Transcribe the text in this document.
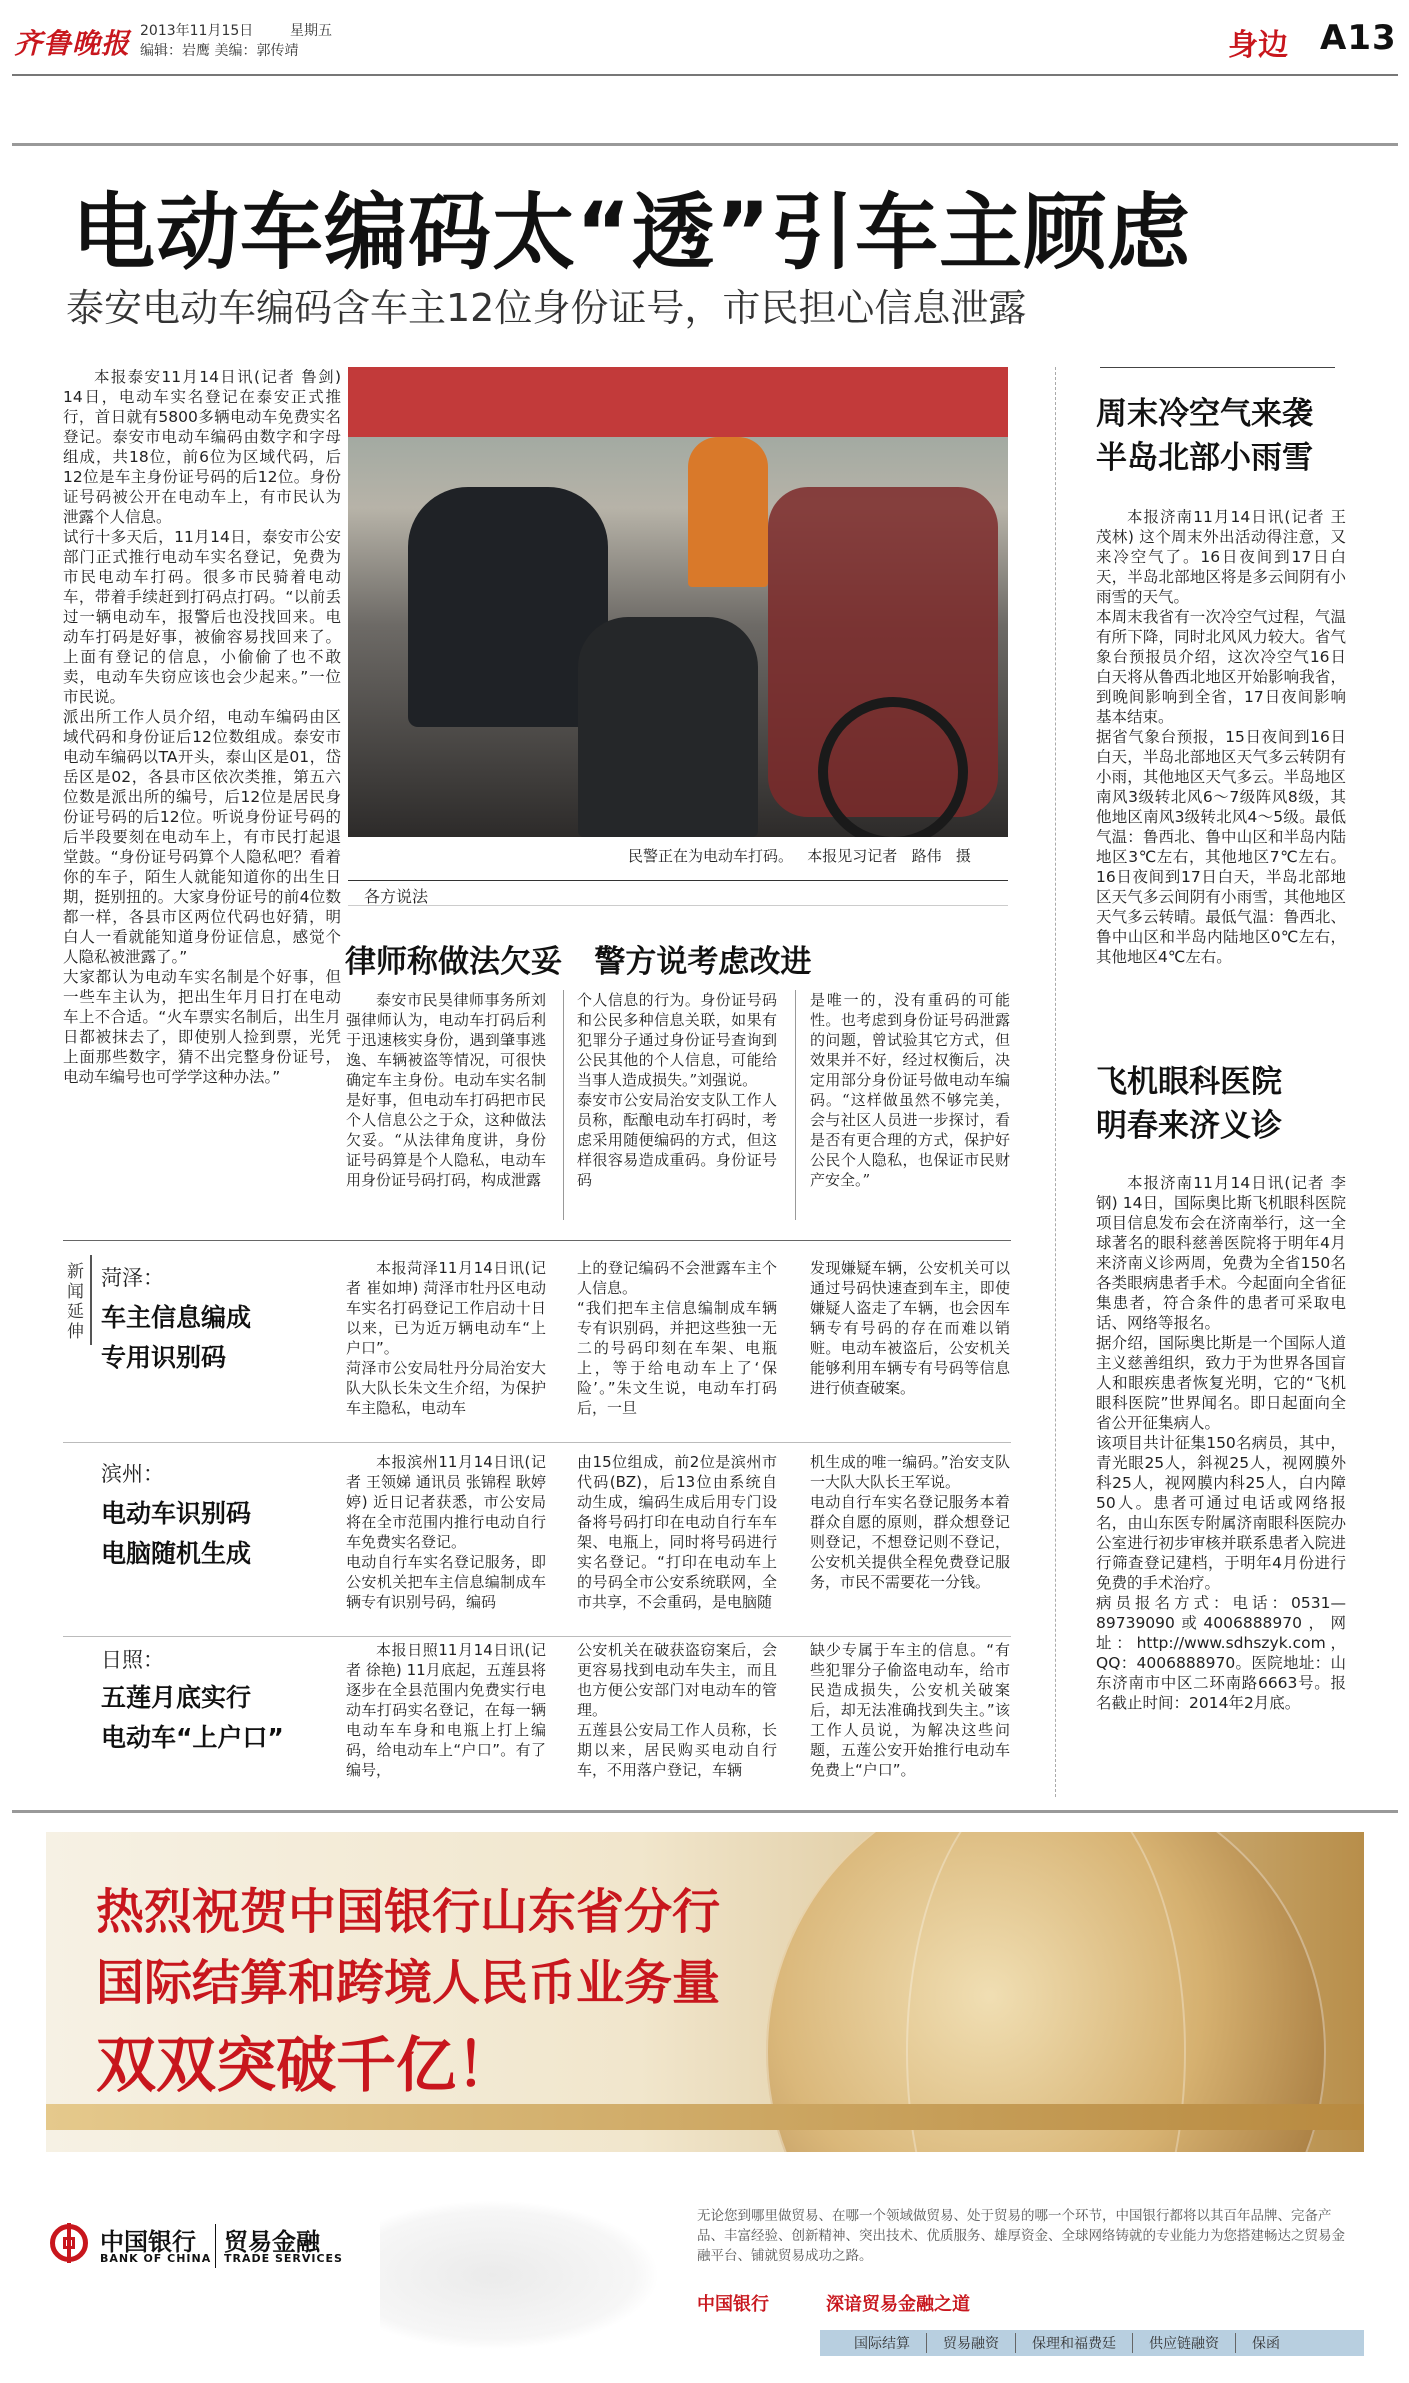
齐鲁晚报 2013年11月15日	星期五
编辑：岩鹰 美编：郭传靖	身边 A13
电动车编码太“透”引车主顾虑
泰安电动车编码含车主12位身份证号，市民担心信息泄露
本报泰安11月14日讯(记者 鲁剑) 14日，电动车实名登记在泰安正式推行，首日就有5800多辆电动车免费实名登记。泰安市电动车编码由数字和字母组成，共18位，前6位为区域代码，后12位是车主身份证号码的后12位。身份证号码被公开在电动车上，有市民认为泄露个人信息。
试行十多天后，11月14日，泰安市公安部门正式推行电动车实名登记，免费为市民电动车打码。很多市民骑着电动车，带着手续赶到打码点打码。“以前丢过一辆电动车，报警后也没找回来。电动车打码是好事，被偷容易找回来了。上面有登记的信息，小偷偷了也不敢卖，电动车失窃应该也会少起来。”一位市民说。
派出所工作人员介绍，电动车编码由区域代码和身份证后12位数组成。泰安市电动车编码以TA开头，泰山区是01，岱岳区是02，各县市区依次类推，第五六位数是派出所的编号，后12位是居民身份证号码的后12位。听说身份证号码的后半段要刻在电动车上，有市民打起退堂鼓。“身份证号码算个人隐私吧？看着你的车子，陌生人就能知道你的出生日期，挺别扭的。大家身份证号的前4位数都一样，各县市区两位代码也好猜，明白人一看就能知道身份证信息，感觉个人隐私被泄露了。”
大家都认为电动车实名制是个好事，但一些车主认为，把出生年月日打在电动车上不合适。“火车票实名制后，出生月日都被抹去了，即使别人捡到票，光凭上面那些数字，猜不出完整身份证号，电动车编号也可学学这种办法。”
民警正在为电动车打码。   本报见习记者   路伟   摄
各方说法
律师称做法欠妥   警方说考虑改进
泰安市民昊律师事务所刘强律师认为，电动车打码后利于迅速核实身份，遇到肇事逃逸、车辆被盗等情况，可很快确定车主身份。电动车实名制是好事，但电动车打码把市民个人信息公之于众，这种做法欠妥。“从法律角度讲，身份证号码算是个人隐私，电动车用身份证号码打码，构成泄露
个人信息的行为。身份证号码和公民多种信息关联，如果有犯罪分子通过身份证号查询到公民其他的个人信息，可能给当事人造成损失。”刘强说。
泰安市公安局治安支队工作人员称，酝酿电动车打码时，考虑采用随便编码的方式，但这样很容易造成重码。身份证号码
是唯一的，没有重码的可能性。也考虑到身份证号码泄露的问题，曾试验其它方式，但效果并不好，经过权衡后，决定用部分身份证号做电动车编码。“这样做虽然不够完美，会与社区人员进一步探讨，看是否有更合理的方式，保护好公民个人隐私，也保证市民财产安全。”
新闻延伸
菏泽：
车主信息编成
专用识别码
本报菏泽11月14日讯(记者 崔如坤) 菏泽市牡丹区电动车实名打码登记工作启动十日以来，已为近万辆电动车“上户口”。
菏泽市公安局牡丹分局治安大队大队长朱文生介绍，为保护车主隐私，电动车
上的登记编码不会泄露车主个人信息。
“我们把车主信息编制成车辆专有识别码，并把这些独一无二的号码印刻在车架、电瓶上，等于给电动车上了‘保险’。”朱文生说，电动车打码后，一旦
发现嫌疑车辆，公安机关可以通过号码快速查到车主，即使嫌疑人盗走了车辆，也会因车辆专有号码的存在而难以销赃。电动车被盗后，公安机关能够利用车辆专有号码等信息进行侦查破案。
滨州：
电动车识别码
电脑随机生成
本报滨州11月14日讯(记者 王领娣 通讯员 张锦程 耿婷婷) 近日记者获悉，市公安局将在全市范围内推行电动自行车免费实名登记。
电动自行车实名登记服务，即公安机关把车主信息编制成车辆专有识别号码，编码
由15位组成，前2位是滨州市代码(BZ)，后13位由系统自动生成，编码生成后用专门设备将号码打印在电动自行车车架、电瓶上，同时将号码进行实名登记。“打印在电动车上的号码全市公安系统联网，全市共享，不会重码，是电脑随
机生成的唯一编码。”治安支队一大队大队长王军说。
电动自行车实名登记服务本着群众自愿的原则，群众想登记则登记，不想登记则不登记，公安机关提供全程免费登记服务，市民不需要花一分钱。
日照：
五莲月底实行
电动车“上户口”
本报日照11月14日讯(记者 徐艳) 11月底起，五莲县将逐步在全县范围内免费实行电动车打码实名登记，在每一辆电动车车身和电瓶上打上编码，给电动车上“户口”。有了编号，
公安机关在破获盗窃案后，会更容易找到电动车失主，而且也方便公安部门对电动车的管理。
五莲县公安局工作人员称，长期以来，居民购买电动自行车，不用落户登记，车辆
缺少专属于车主的信息。“有些犯罪分子偷盗电动车，给市民造成损失，公安机关破案后，却无法准确找到失主。”该工作人员说，为解决这些问题，五莲公安开始推行电动车免费上“户口”。
周末冷空气来袭
半岛北部小雨雪
本报济南11月14日讯(记者 王茂林) 这个周末外出活动得注意，又来冷空气了。16日夜间到17日白天，半岛北部地区将是多云间阴有小雨雪的天气。
本周末我省有一次冷空气过程，气温有所下降，同时北风风力较大。省气象台预报员介绍，这次冷空气16日白天将从鲁西北地区开始影响我省，到晚间影响到全省，17日夜间影响基本结束。
据省气象台预报，15日夜间到16日白天，半岛北部地区天气多云转阴有小雨，其他地区天气多云。半岛地区南风3级转北风6～7级阵风8级，其他地区南风3级转北风4～5级。最低气温：鲁西北、鲁中山区和半岛内陆地区3℃左右，其他地区7℃左右。16日夜间到17日白天，半岛北部地区天气多云间阴有小雨雪，其他地区天气多云转晴。最低气温：鲁西北、鲁中山区和半岛内陆地区0℃左右，其他地区4℃左右。
飞机眼科医院
明春来济义诊
本报济南11月14日讯(记者 李钢) 14日，国际奥比斯飞机眼科医院项目信息发布会在济南举行，这一全球著名的眼科慈善医院将于明年4月来济南义诊两周，免费为全省150名各类眼病患者手术。今起面向全省征集患者，符合条件的患者可采取电话、网络等报名。
据介绍，国际奥比斯是一个国际人道主义慈善组织，致力于为世界各国盲人和眼疾患者恢复光明，它的“飞机眼科医院”世界闻名。即日起面向全省公开征集病人。
该项目共计征集150名病员，其中，青光眼25人，斜视25人，视网膜外科25人，视网膜内科25人，白内障50人。患者可通过电话或网络报名，由山东医专附属济南眼科医院办公室进行初步审核并联系患者入院进行筛查登记建档，于明年4月份进行免费的手术治疗。
病员报名方式：电话：0531—89739090或4006888970，网址：http://www.sdhszyk.com，QQ：4006888970。医院地址：山东济南市中区二环南路6663号。报名截止时间：2014年2月底。
热烈祝贺中国银行山东省分行
国际结算和跨境人民币业务量
双双突破千亿！
中国银行
BANK OF CHINA
贸易金融
TRADE SERVICES
无论您到哪里做贸易、在哪一个领域做贸易、处于贸易的哪一个环节，中国银行都将以其百年品牌、完备产品、丰富经验、创新精神、突出技术、优质服务、雄厚资金、全球网络铸就的专业能力为您搭建畅达之贸易金融平台、铺就贸易成功之路。
中国银行	深谙贸易金融之道
国际结算	贸易融资	保理和福费廷	供应链融资	保函
